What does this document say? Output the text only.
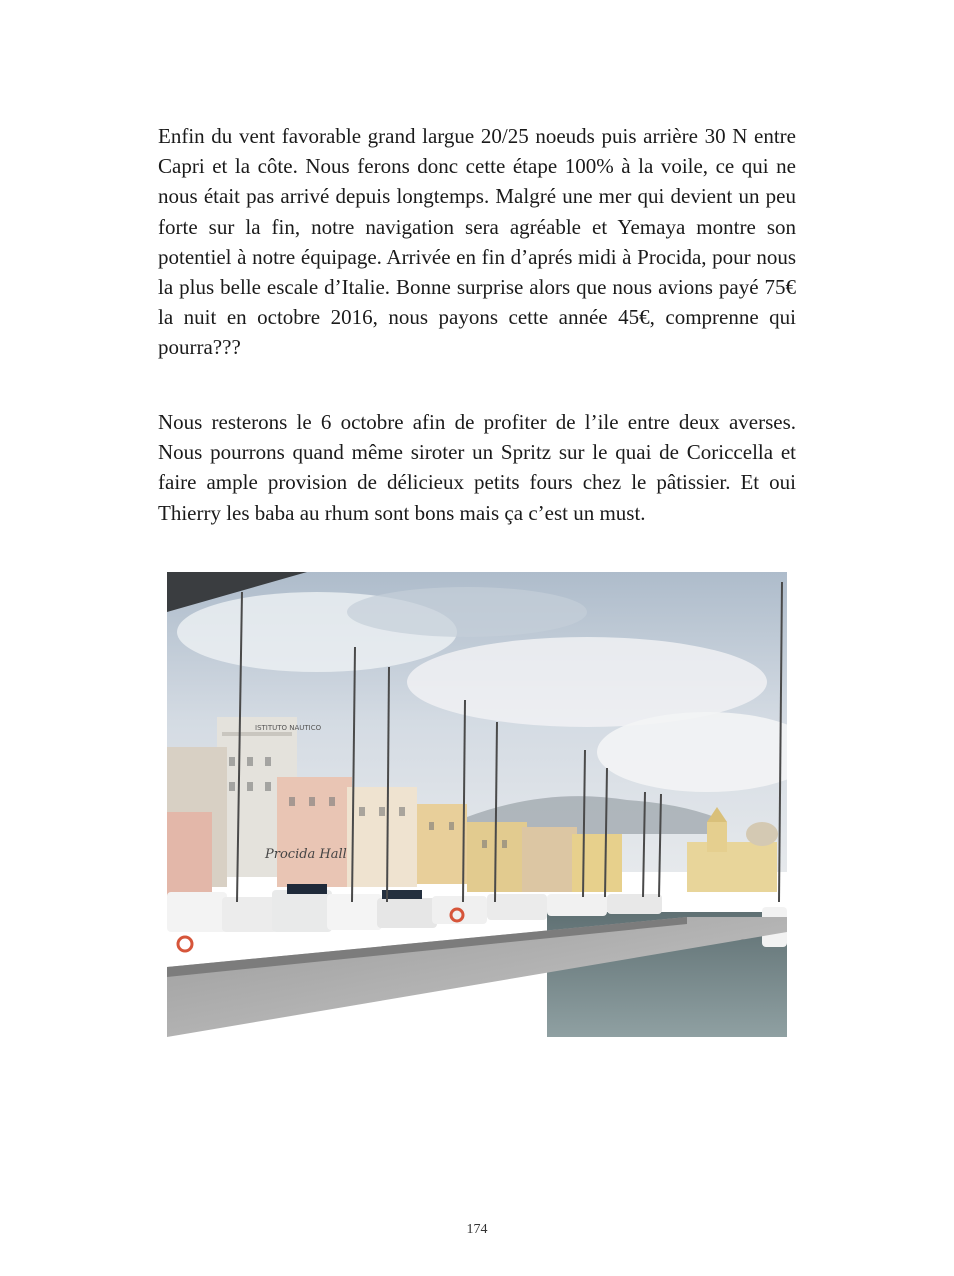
Enfin du vent favorable grand largue 20/25 noeuds puis arrière 30 N entre Capri et la côte. Nous ferons donc cette étape 100% à la voile, ce qui ne nous était pas arrivé depuis longtemps. Malgré une mer qui devient un peu forte sur la fin, notre navigation sera agréable et Yemaya montre son potentiel à notre équipage. Arrivée en fin d’aprés midi à Procida, pour nous la plus belle escale d’Italie. Bonne surprise alors que nous avions payé 75€ la nuit en octobre 2016, nous payons cette année 45€, comprenne qui pourra???

Nous resterons le 6 octobre afin de profiter de l’ile entre deux averses. Nous pourrons quand même siroter un Spritz sur le quai de Coriccella et faire ample provision de délicieux petits fours chez le pâtissier. Et oui Thierry les baba au rhum sont bons mais ça c’est un must.

ISTITUTO NAUTICO
Procida Hall
174
